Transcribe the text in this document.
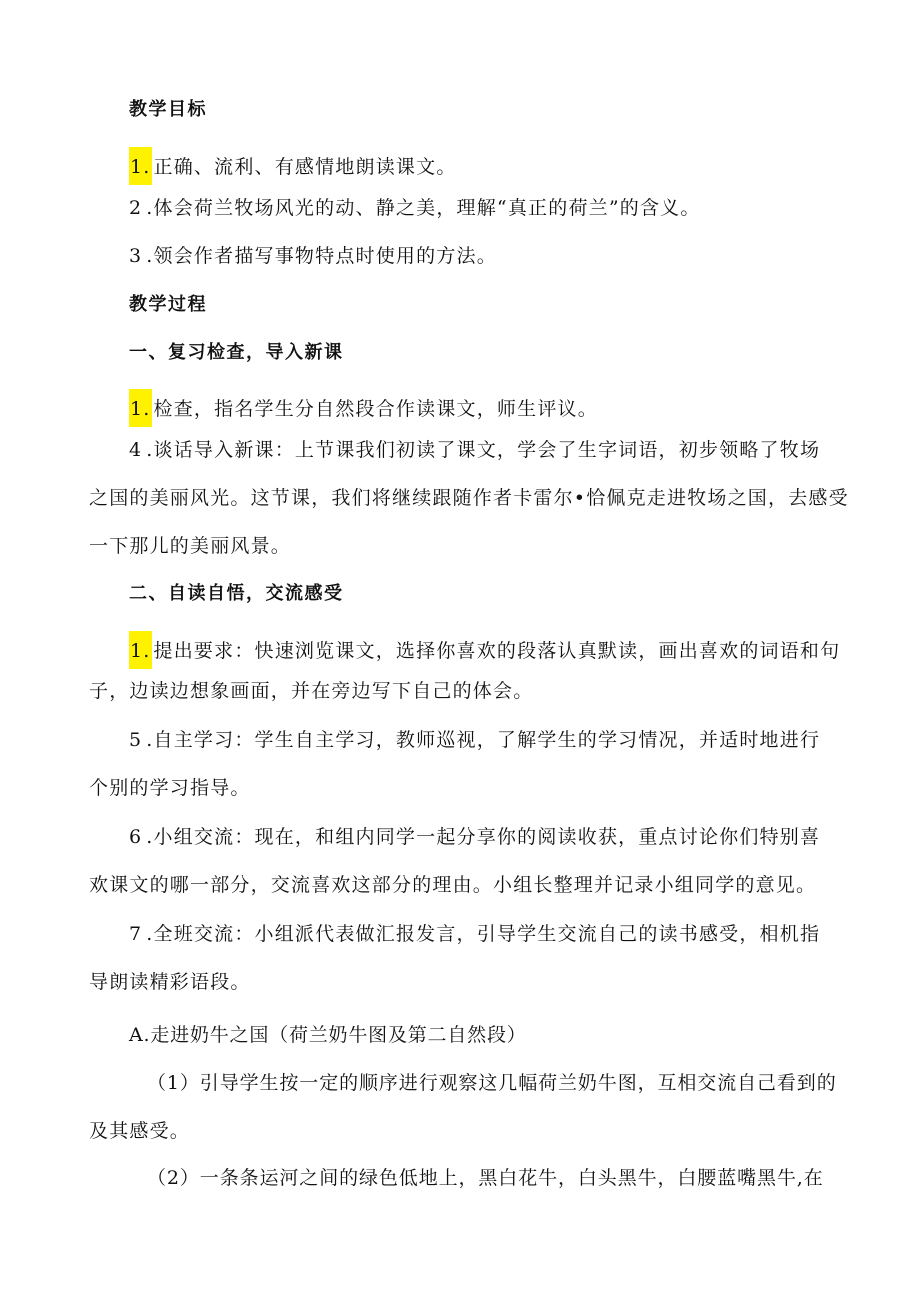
教学目标
1. 正确、流利、有感情地朗读课文。
2 .体会荷兰牧场风光的动、静之美，理解“真正的荷兰”的含义。
3 .领会作者描写事物特点时使用的方法。
教学过程
一、复习检查，导入新课
1. 检查，指名学生分自然段合作读课文，师生评议。
4 .谈话导入新课：上节课我们初读了课文，学会了生字词语，初步领略了牧场
之国的美丽风光。这节课，我们将继续跟随作者卡雷尔•恰佩克走进牧场之国，去感受
一下那儿的美丽风景。
二、自读自悟，交流感受
1. 提出要求：快速浏览课文，选择你喜欢的段落认真默读，画出喜欢的词语和句
子，边读边想象画面，并在旁边写下自己的体会。
5 .自主学习：学生自主学习，教师巡视，了解学生的学习情况，并适时地进行
个别的学习指导。
6 .小组交流：现在，和组内同学一起分享你的阅读收获，重点讨论你们特别喜
欢课文的哪一部分，交流喜欢这部分的理由。小组长整理并记录小组同学的意见。
7 .全班交流：小组派代表做汇报发言，引导学生交流自己的读书感受，相机指
导朗读精彩语段。
A.走进奶牛之国（荷兰奶牛图及第二自然段）
（1）引导学生按一定的顺序进行观察这几幅荷兰奶牛图，互相交流自己看到的
及其感受。
（2）一条条运河之间的绿色低地上，黑白花牛，白头黑牛，白腰蓝嘴黑牛,在
